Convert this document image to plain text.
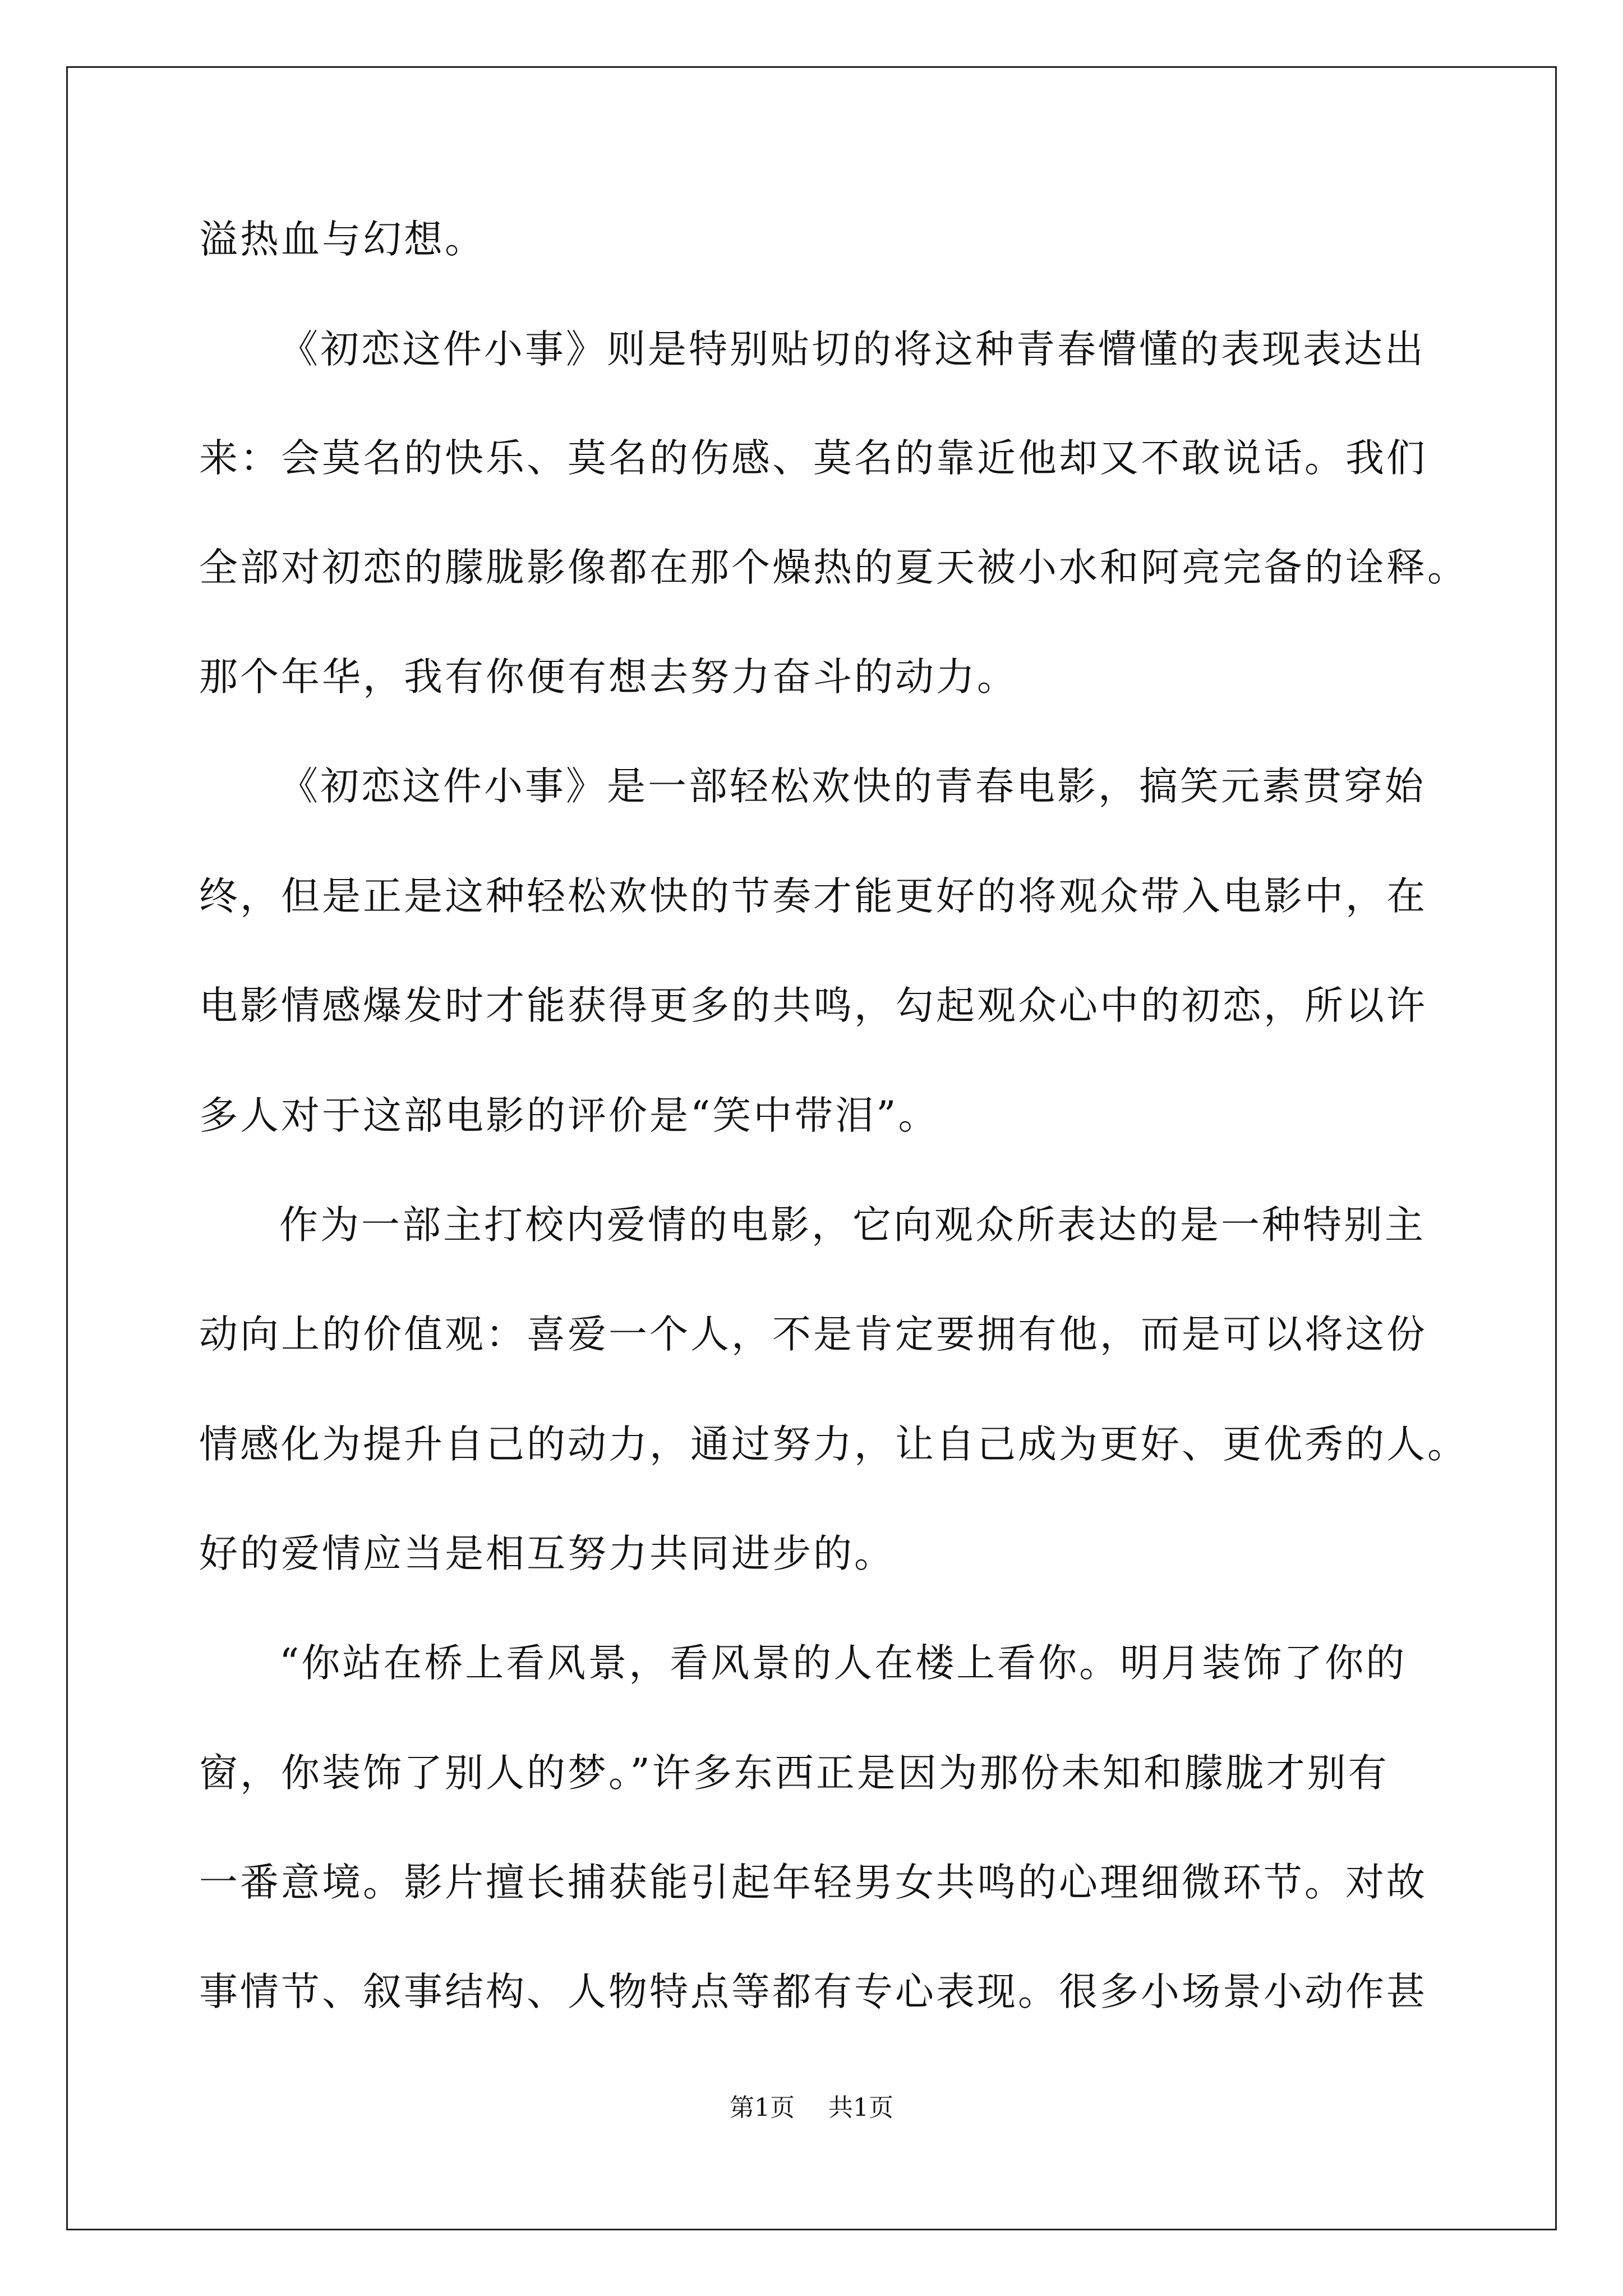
溢热血与幻想。
《初恋这件小事》则是特别贴切的将这种青春懵懂的表现表达出
来：会莫名的快乐、莫名的伤感、莫名的靠近他却又不敢说话。我们
全部对初恋的朦胧影像都在那个燥热的夏天被小水和阿亮完备的诠释。
那个年华，我有你便有想去努力奋斗的动力。
《初恋这件小事》是一部轻松欢快的青春电影，搞笑元素贯穿始
终，但是正是这种轻松欢快的节奏才能更好的将观众带入电影中，在
电影情感爆发时才能获得更多的共鸣，勾起观众心中的初恋，所以许
多人对于这部电影的评价是“笑中带泪”。
作为一部主打校内爱情的电影，它向观众所表达的是一种特别主
动向上的价值观：喜爱一个人，不是肯定要拥有他，而是可以将这份
情感化为提升自己的动力，通过努力，让自己成为更好、更优秀的人。
好的爱情应当是相互努力共同进步的。
“你站在桥上看风景，看风景的人在楼上看你。明月装饰了你的
窗，你装饰了别人的梦。”许多东西正是因为那份未知和朦胧才别有
一番意境。影片擅长捕获能引起年轻男女共鸣的心理细微环节。对故
事情节、叙事结构、人物特点等都有专心表现。很多小场景小动作甚
第1页 共1页
